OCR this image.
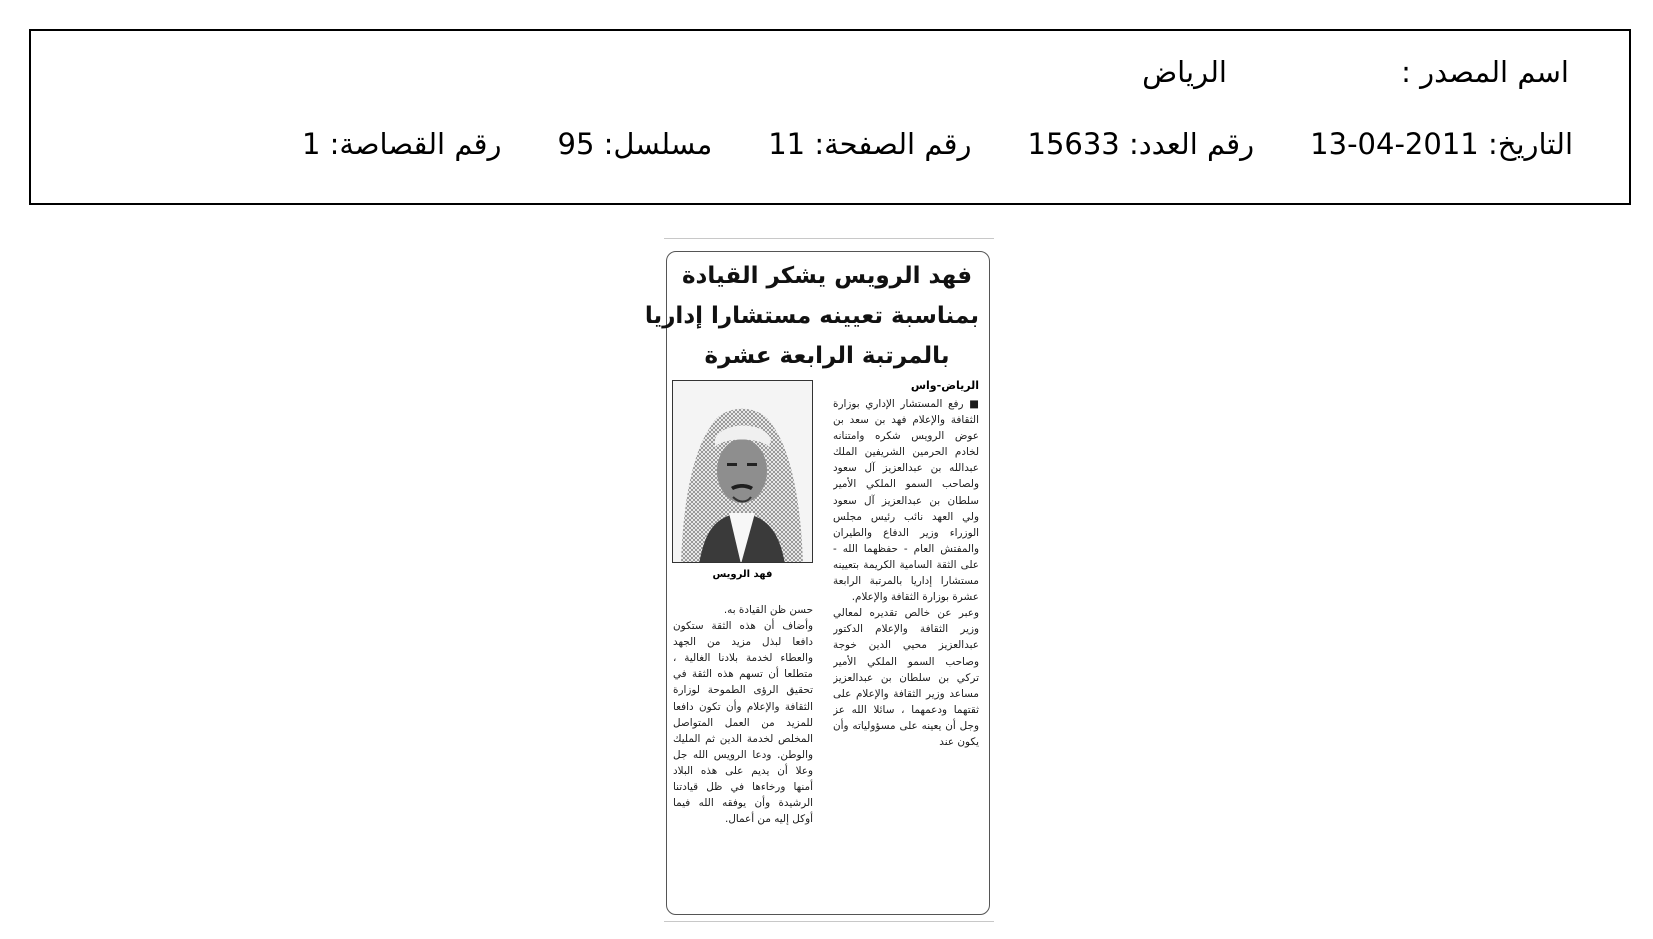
اسم المصدر :
الرياض
التاريخ: 2011-04-13
رقم العدد: 15633
رقم الصفحة: 11
مسلسل: 95
رقم القصاصة: 1
فهد الرويس يشكر القيادة
بمناسبة تعيينه مستشارا إداريا
بالمرتبة الرابعة عشرة
الرياض-واس

■ رفع المستشار الإداري بوزارة الثقافة والإعلام فهد بن سعد بن عوض الرويس شكره وامتنانه لخادم الحرمين الشريفين الملك عبدالله بن عبدالعزيز آل سعود ولصاحب السمو الملكي الأمير سلطان بن عبدالعزيز آل سعود ولي العهد نائب رئيس مجلس الوزراء وزير الدفاع والطيران والمفتش العام - حفظهما الله - على الثقة السامية الكريمة بتعيينه مستشارا إداريا بالمرتبة الرابعة عشرة بوزارة الثقافة والإعلام.

وعبر عن خالص تقديره لمعالي وزير الثقافة والإعلام الدكتور عبدالعزيز محيي الدين خوجة وصاحب السمو الملكي الأمير تركي بن سلطان بن عبدالعزيز مساعد وزير الثقافة والإعلام على ثقتهما ودعمهما ، سائلا الله عز وجل أن يعينه على مسؤولياته وأن يكون عند

فهد الرويس

حسن ظن القيادة به.

وأضاف أن هذه الثقة ستكون دافعا لبذل مزيد من الجهد والعطاء لخدمة بلادنا الغالية ، متطلعا أن تسهم هذه الثقة في تحقيق الرؤى الطموحة لوزارة الثقافة والإعلام وأن تكون دافعا للمزيد من العمل المتواصل المخلص لخدمة الدين ثم المليك والوطن. ودعا الرويس الله جل وعلا أن يديم على هذه البلاد أمنها ورخاءها في ظل قيادتنا الرشيدة وأن يوفقه الله فيما أوكل إليه من أعمال.
